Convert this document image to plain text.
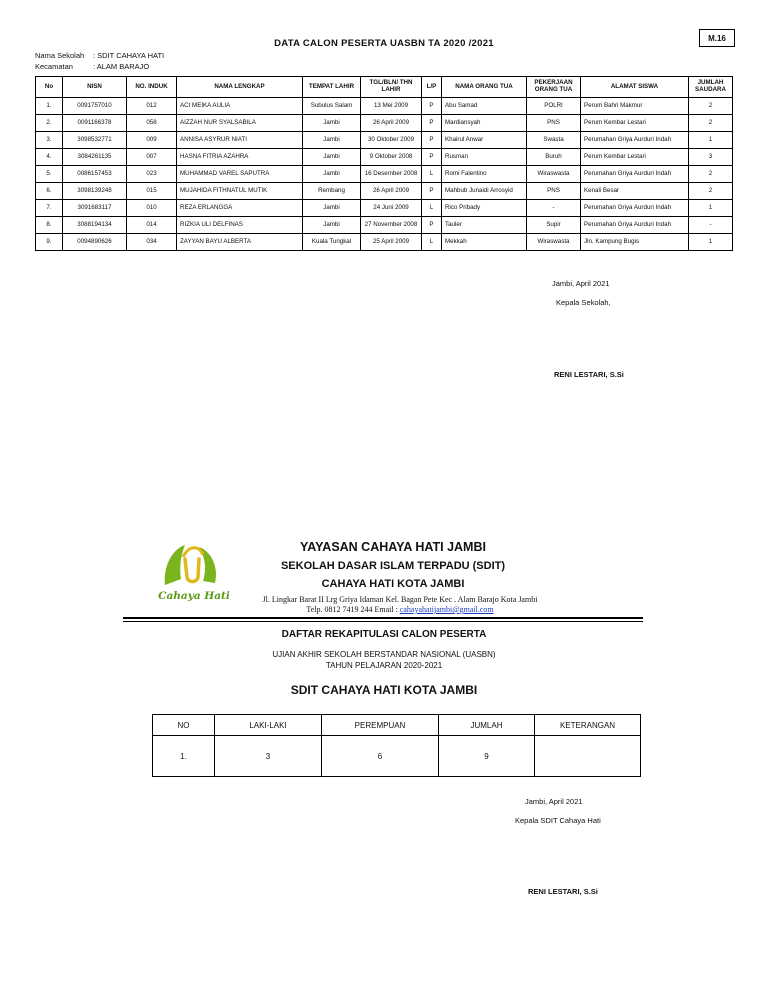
M.16
DATA CALON PESERTA UASBN TA 2020 /2021
Nama Sekolah : SDIT CAHAYA HATI
Kecamatan	: ALAM BARAJO
No	NISN	NO. INDUK	NAMA LENGKAP	TEMPAT LAHIR	TGL/BLN/ THN LAHIR	L/P	NAMA ORANG TUA	PEKERJAAN ORANG TUA	ALAMAT SISWA	JUMLAH SAUDARA
1.	0091757010	012	ACI MEIKA AULIA	Subulus Salam	13 Mei 2009	P	Abu Samad	POLRI	Perum Bahri Makmur	2
2.	0091166378	058	AIZZAH NUR SYALSABILA	Jambi	26 April 2009	P	Mardiansyah	PNS	Perum Kembar Lestari	2
3.	3098532771	009	ANNISA ASYRUR NIATI	Jambi	30 Oktober 2009	P	Khairul Anwar	Swasta	Perumahan Griya Aurduri Indah	1
4.	3084261135	007	HASNA FITRIA AZAHRA	Jambi	9 Oktober 2008	P	Rusman	Buruh	Perum Kembar Lestari	3
5.	0086157453	023	MUHAMMAD VAREL SAPUTRA	Jambi	16 Desember 2008	L	Romi Falentino	Wiraswasta	Perumahan Griya Aurduri Indah	2
6.	3098139248	015	MUJAHIDA FITHNATUL MUTIK	Rembang	26 April 2009	P	Mahbub Junaidi Arrosyid	PNS	Kenali Besar	2
7.	3091683117	010	REZA ERLANGGA	Jambi	24 Juni 2009	L	Rico Pribady	-	Perumahan Griya Aurduri Indah	1
8.	3088194134	014	RIZKIA ULI DELFINAS	Jambi	27 November 2008	P	Tauler	Supir	Perumahan Griya Aurduri Indah	-
9.	0094890626	034	ZAYYAN BAYU ALBERTA	Kuala Tungkal	25 April 2009	L	Mekkah	Wiraswasta	Jln. Kampung Bugis	1
Jambi, April 2021
Kepala Sekolah,
RENI LESTARI, S.Si
Cahaya Hati
YAYASAN CAHAYA HATI JAMBI
SEKOLAH DASAR ISLAM TERPADU (SDIT)
CAHAYA HATI KOTA JAMBI
Jl. Lingkar Barat II Lrg Griya Idaman Kel. Bagan Pete Kec . Alam Barajo Kota Jambi
Telp. 0812 7419 244 Email : cahayahatijambi@gmail.com
DAFTAR REKAPITULASI CALON PESERTA
UJIAN AKHIR SEKOLAH BERSTANDAR NASIONAL (UASBN)
TAHUN PELAJARAN 2020-2021
SDIT CAHAYA HATI KOTA JAMBI
NO	LAKI-LAKI	PEREMPUAN	JUMLAH	KETERANGAN
1.	3	6	9	
Jambi, April 2021
Kepala SDIT Cahaya Hati
RENI LESTARI, S.Si
